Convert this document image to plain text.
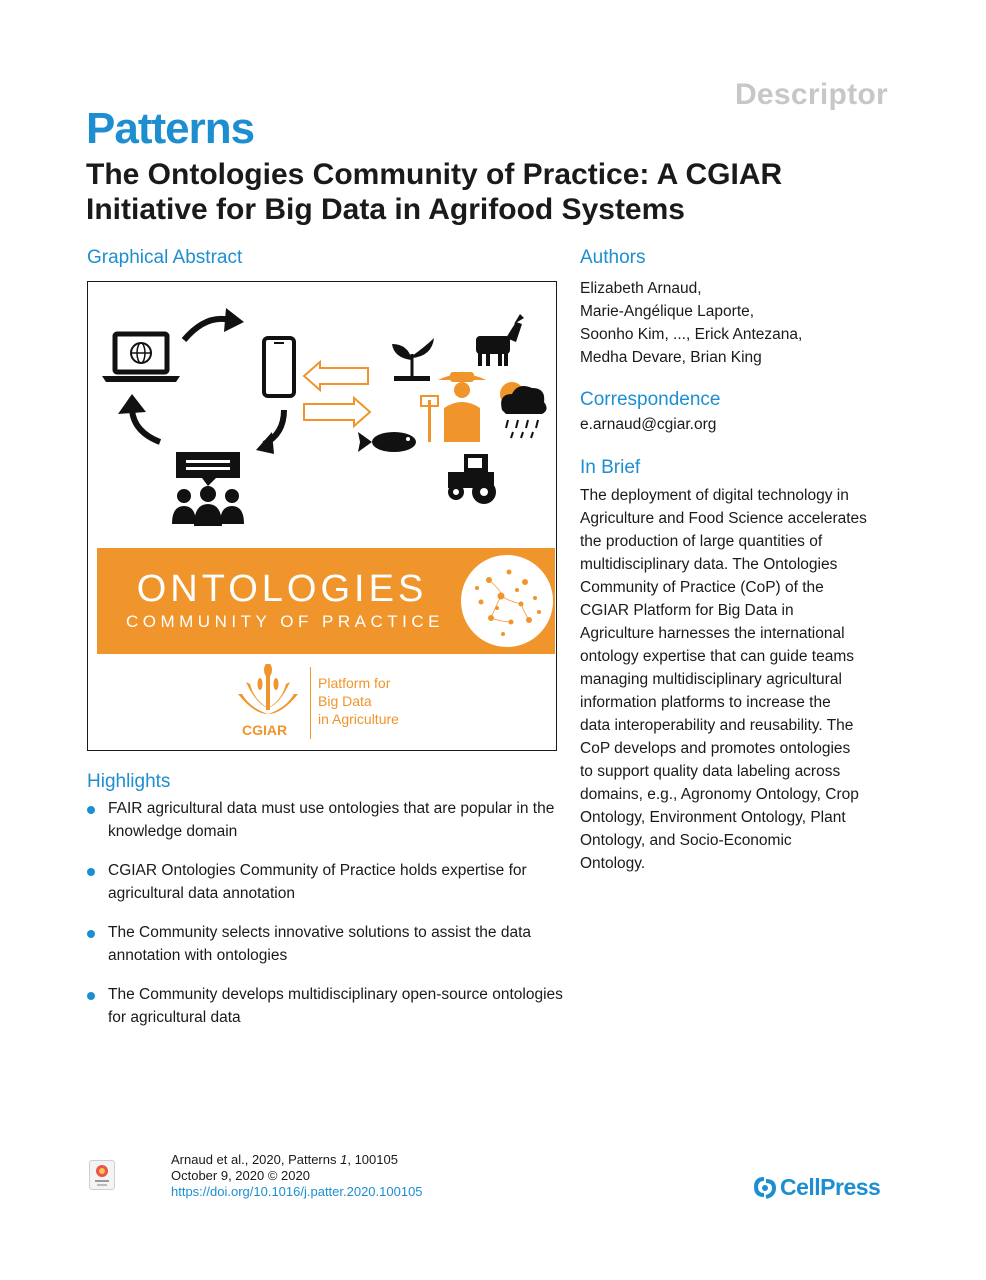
Descriptor
Patterns
The Ontologies Community of Practice: A CGIAR Initiative for Big Data in Agrifood Systems
Graphical Abstract
ONTOLOGIES
COMMUNITY OF PRACTICE
CGIAR
Platform for
Big Data
in Agriculture
Authors
Elizabeth Arnaud,
Marie-Angélique Laporte,
Soonho Kim, ..., Erick Antezana,
Medha Devare, Brian King
Correspondence
e.arnaud@cgiar.org
In Brief
The deployment of digital technology in
Agriculture and Food Science accelerates
the production of large quantities of
multidisciplinary data. The Ontologies
Community of Practice (CoP) of the
CGIAR Platform for Big Data in
Agriculture harnesses the international
ontology expertise that can guide teams
managing multidisciplinary agricultural
information platforms to increase the
data interoperability and reusability. The
CoP develops and promotes ontologies
to support quality data labeling across
domains, e.g., Agronomy Ontology, Crop
Ontology, Environment Ontology, Plant
Ontology, and Socio-Economic
Ontology.
Highlights
FAIR agricultural data must use ontologies that are popular in the knowledge domain
CGIAR Ontologies Community of Practice holds expertise for agricultural data annotation
The Community selects innovative solutions to assist the data annotation with ontologies
The Community develops multidisciplinary open-source ontologies for agricultural data
Arnaud et al., 2020, Patterns 1, 100105
October 9, 2020 © 2020
https://doi.org/10.1016/j.patter.2020.100105	CellPress
